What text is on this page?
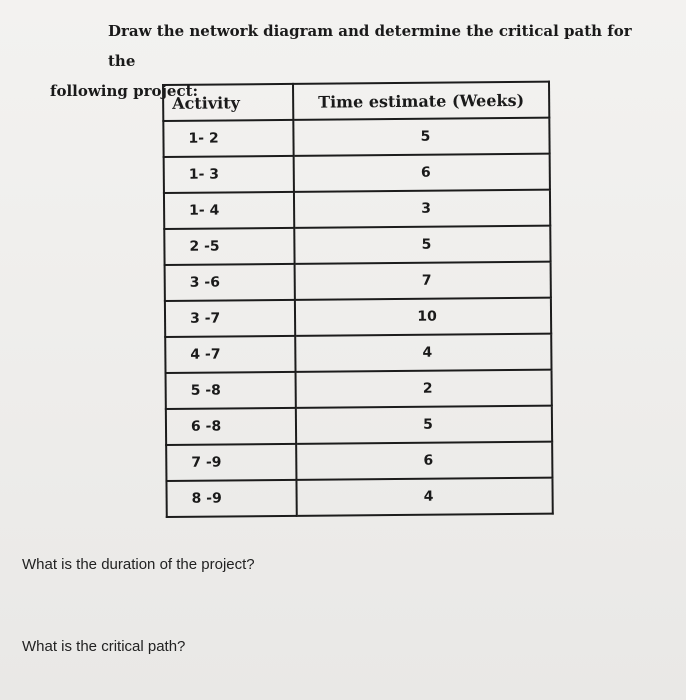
Draw the network diagram and determine the critical path for the
following project:

Activity	Time estimate (Weeks)
1- 2	5
1- 3	6
1- 4	3
2 -5	5
3 -6	7
3 -7	10
4 -7	4
5 -8	2
6 -8	5
7 -9	6
8 -9	4

What is the duration of the project?

What is the critical path?
